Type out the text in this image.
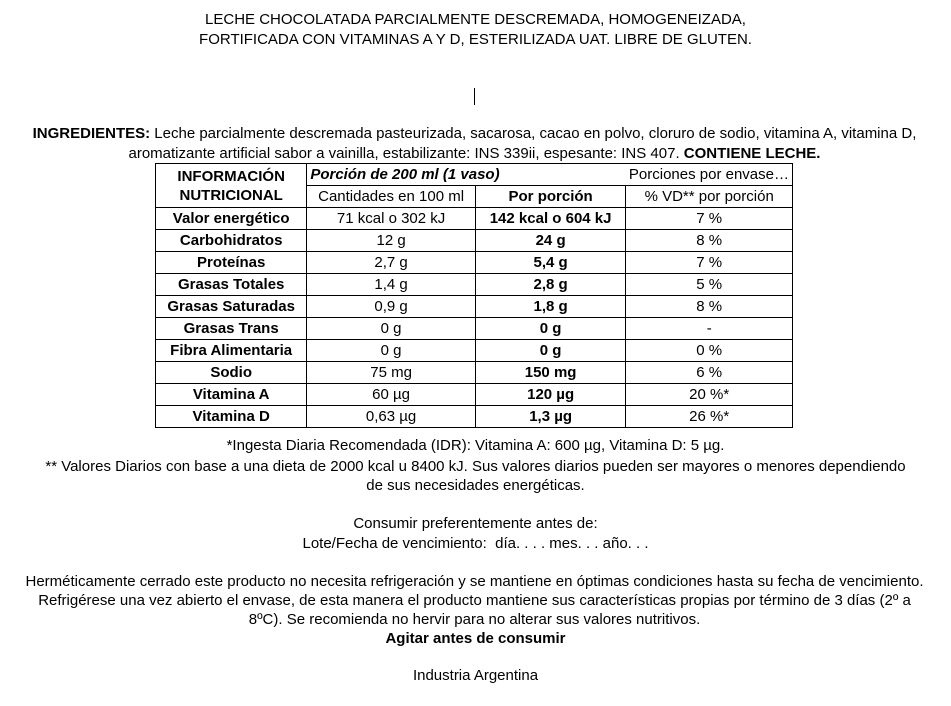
LECHE CHOCOLATADA PARCIALMENTE DESCREMADA, HOMOGENEIZADA,
FORTIFICADA CON VITAMINAS A Y D, ESTERILIZADA UAT. LIBRE DE GLUTEN.
INGREDIENTES: Leche parcialmente descremada pasteurizada, sacarosa, cacao en polvo, cloruro de sodio, vitamina A, vitamina D, aromatizante artificial sabor a vainilla, estabilizante: INS 339ii, espesante: INS 407. CONTIENE LECHE.
INFORMACIÓN NUTRICIONAL	Porción de 200 ml (1 vaso)		Porciones por envase…
	Cantidades en 100 ml	Por porción	% VD** por porción
Valor energético	71 kcal o 302 kJ	142 kcal o 604 kJ	7 %
Carbohidratos	12 g	24 g	8 %
Proteínas	2,7 g	5,4 g	7 %
Grasas Totales	1,4 g	2,8 g	5 %
Grasas Saturadas	0,9 g	1,8 g	8 %
Grasas Trans	0 g	0 g	-
Fibra Alimentaria	0 g	0 g	0 %
Sodio	75 mg	150 mg	6 %
Vitamina A	60 µg	120 µg	20 %*
Vitamina D	0,63 µg	1,3 µg	26 %*
*Ingesta Diaria Recomendada (IDR): Vitamina A: 600 µg, Vitamina D: 5 µg.
** Valores Diarios con base a una dieta de 2000 kcal u 8400 kJ. Sus valores diarios pueden ser mayores o menores dependiendo de sus necesidades energéticas.
Consumir preferentemente antes de:
Lote/Fecha de vencimiento:  día. . . . mes. . . año. . .
Herméticamente cerrado este producto no necesita refrigeración y se mantiene en óptimas condiciones hasta su fecha de vencimiento. Refrigérese una vez abierto el envase, de esta manera el producto mantiene sus características propias por término de 3 días (2º a 8ºC). Se recomienda no hervir para no alterar sus valores nutritivos.
Agitar antes de consumir
Industria Argentina
